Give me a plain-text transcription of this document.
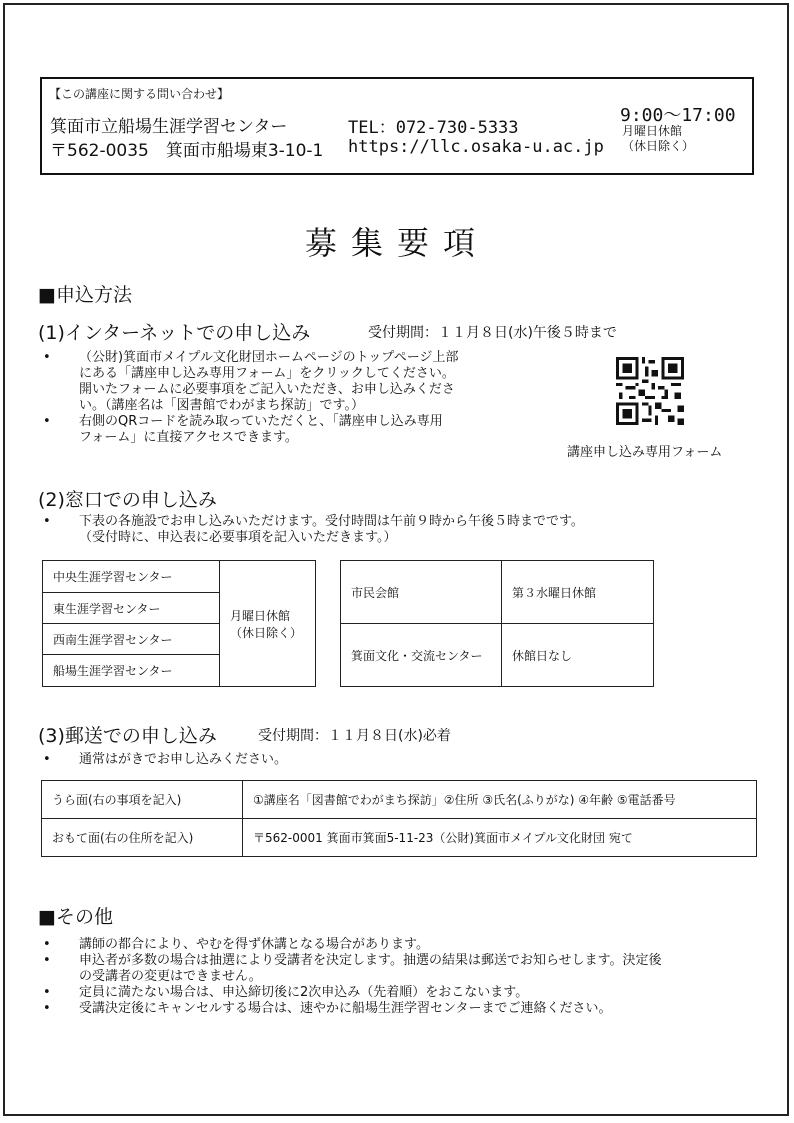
【この講座に関する問い合わせ】
箕面市立船場生涯学習センター
〒562-0035　箕面市船場東3-10-1
TEL：072-730-5333
https://llc.osaka-u.ac.jp
9:00～17:00
月曜日休館
（休日除く）
募集要項
■申込方法
(1)インターネットでの申し込み	受付期間：１１月８日(水)午後５時まで
• （公財)箕面市メイプル文化財団ホームページのトップページ上部
にある「講座申し込み専用フォーム」をクリックしてください。
開いたフォームに必要事項をご記入いただき、お申し込みくださ
い。（講座名は「図書館でわがまち探訪」です。）
• 右側のQRコードを読み取っていただくと、「講座申し込み専用
フォーム」に直接アクセスできます。
講座申し込み専用フォーム
(2)窓口での申し込み
• 下表の各施設でお申し込みいただけます。受付時間は午前９時から午後５時までです。
（受付時に、申込表に必要事項を記入いただきます。）
中央生涯学習センター	
月曜日休館
（休日除く）

東生涯学習センター
西南生涯学習センター
船場生涯学習センター
市民会館	第３水曜日休館
箕面文化・交流センター	休館日なし
(3)郵送での申し込み	受付期間：１１月８日(水)必着
• 通常はがきでお申し込みください。
うら面(右の事項を記入)	①講座名「図書館でわがまち探訪」②住所 ③氏名(ふりがな) ④年齢 ⑤電話番号
おもて面(右の住所を記入)	〒562-0001 箕面市箕面5-11-23（公財)箕面市メイプル文化財団 宛て
■その他
• 講師の都合により、やむを得ず休講となる場合があります。
• 申込者が多数の場合は抽選により受講者を決定します。抽選の結果は郵送でお知らせします。決定後
の受講者の変更はできません。
• 定員に満たない場合は、申込締切後に2次申込み（先着順）をおこないます。
• 受講決定後にキャンセルする場合は、速やかに船場生涯学習センターまでご連絡ください。
